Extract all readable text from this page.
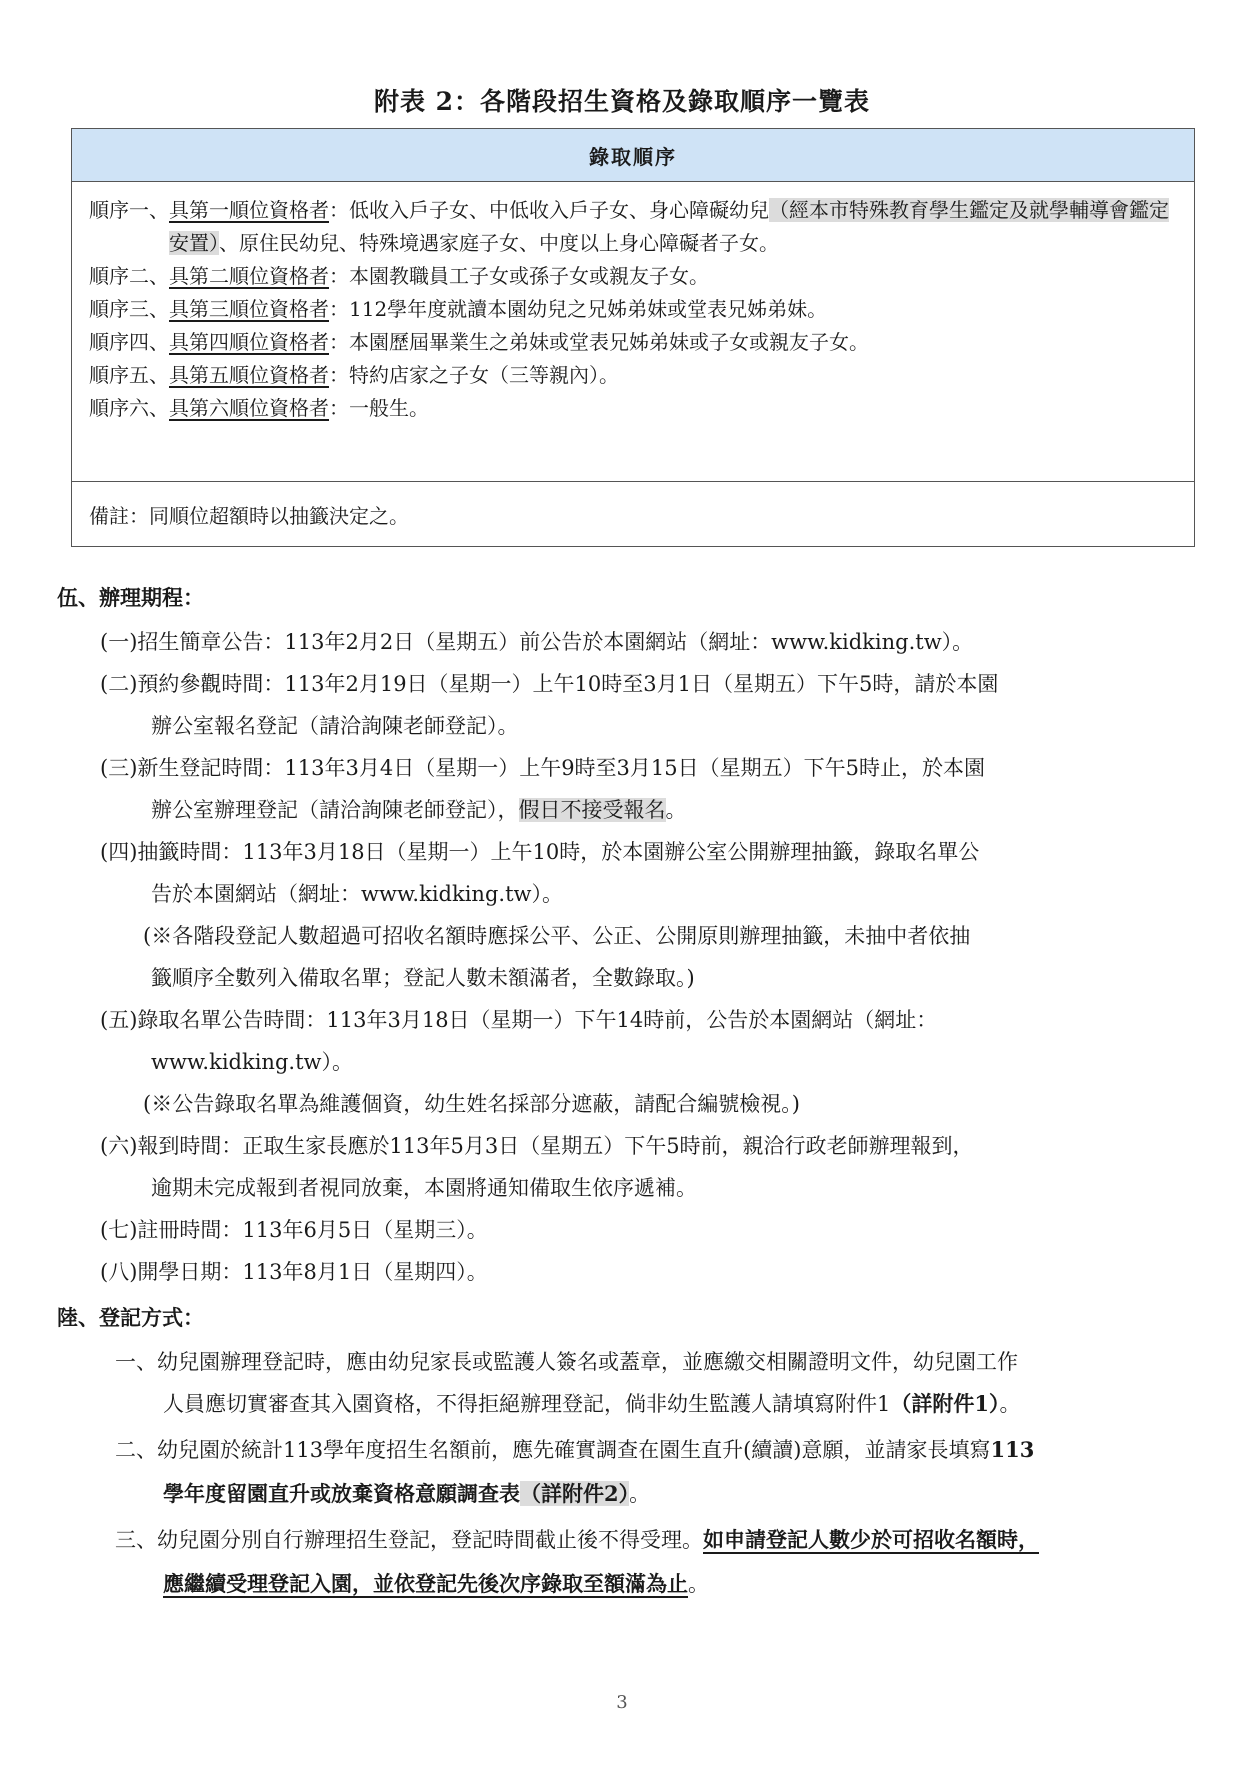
附表 2：各階段招生資格及錄取順序一覽表
錄取順序
順序一、 具第一順位資格者：低收入戶子女、中低收入戶子女、身心障礙幼兒（經本市特殊教育學生鑑定及就學輔導會鑑定安置）、原住民幼兒、特殊境遇家庭子女、中度以上身心障礙者子女。
順序二、 具第二順位資格者：本園教職員工子女或孫子女或親友子女。
順序三、 具第三順位資格者：112學年度就讀本園幼兒之兄姊弟妹或堂表兄姊弟妹。
順序四、 具第四順位資格者：本園歷屆畢業生之弟妹或堂表兄姊弟妹或子女或親友子女。
順序五、 具第五順位資格者：特約店家之子女（三等親內）。
順序六、 具第六順位資格者：一般生。
備註：同順位超額時以抽籤決定之。
伍、辦理期程：
(一)招生簡章公告：113年2月2日（星期五）前公告於本園網站（網址：www.kidking.tw）。
(二)預約參觀時間：113年2月19日（星期一）上午10時至3月1日（星期五）下午5時，請於本園
辦公室報名登記（請洽詢陳老師登記）。
(三)新生登記時間：113年3月4日（星期一）上午9時至3月15日（星期五）下午5時止，於本園
辦公室辦理登記（請洽詢陳老師登記），假日不接受報名。
(四)抽籤時間：113年3月18日（星期一）上午10時，於本園辦公室公開辦理抽籤，錄取名單公
告於本園網站（網址：www.kidking.tw）。
(※各階段登記人數超過可招收名額時應採公平、公正、公開原則辦理抽籤，未抽中者依抽
籤順序全數列入備取名單；登記人數未額滿者，全數錄取。)
(五)錄取名單公告時間：113年3月18日（星期一）下午14時前，公告於本園網站（網址：
www.kidking.tw）。
(※公告錄取名單為維護個資，幼生姓名採部分遮蔽，請配合編號檢視。)
(六)報到時間：正取生家長應於113年5月3日（星期五）下午5時前，親洽行政老師辦理報到，
逾期未完成報到者視同放棄，本園將通知備取生依序遞補。
(七)註冊時間：113年6月5日（星期三）。
(八)開學日期：113年8月1日（星期四）。
陸、登記方式：
一、幼兒園辦理登記時，應由幼兒家長或監護人簽名或蓋章，並應繳交相關證明文件，幼兒園工作
人員應切實審查其入園資格，不得拒絕辦理登記，倘非幼生監護人請填寫附件1（詳附件1）。
二、幼兒園於統計113學年度招生名額前，應先確實調查在園生直升(續讀)意願，並請家長填寫113
學年度留園直升或放棄資格意願調查表（詳附件2）。
三、幼兒園分別自行辦理招生登記，登記時間截止後不得受理。如申請登記人數少於可招收名額時，
應繼續受理登記入園，並依登記先後次序錄取至額滿為止。
3
